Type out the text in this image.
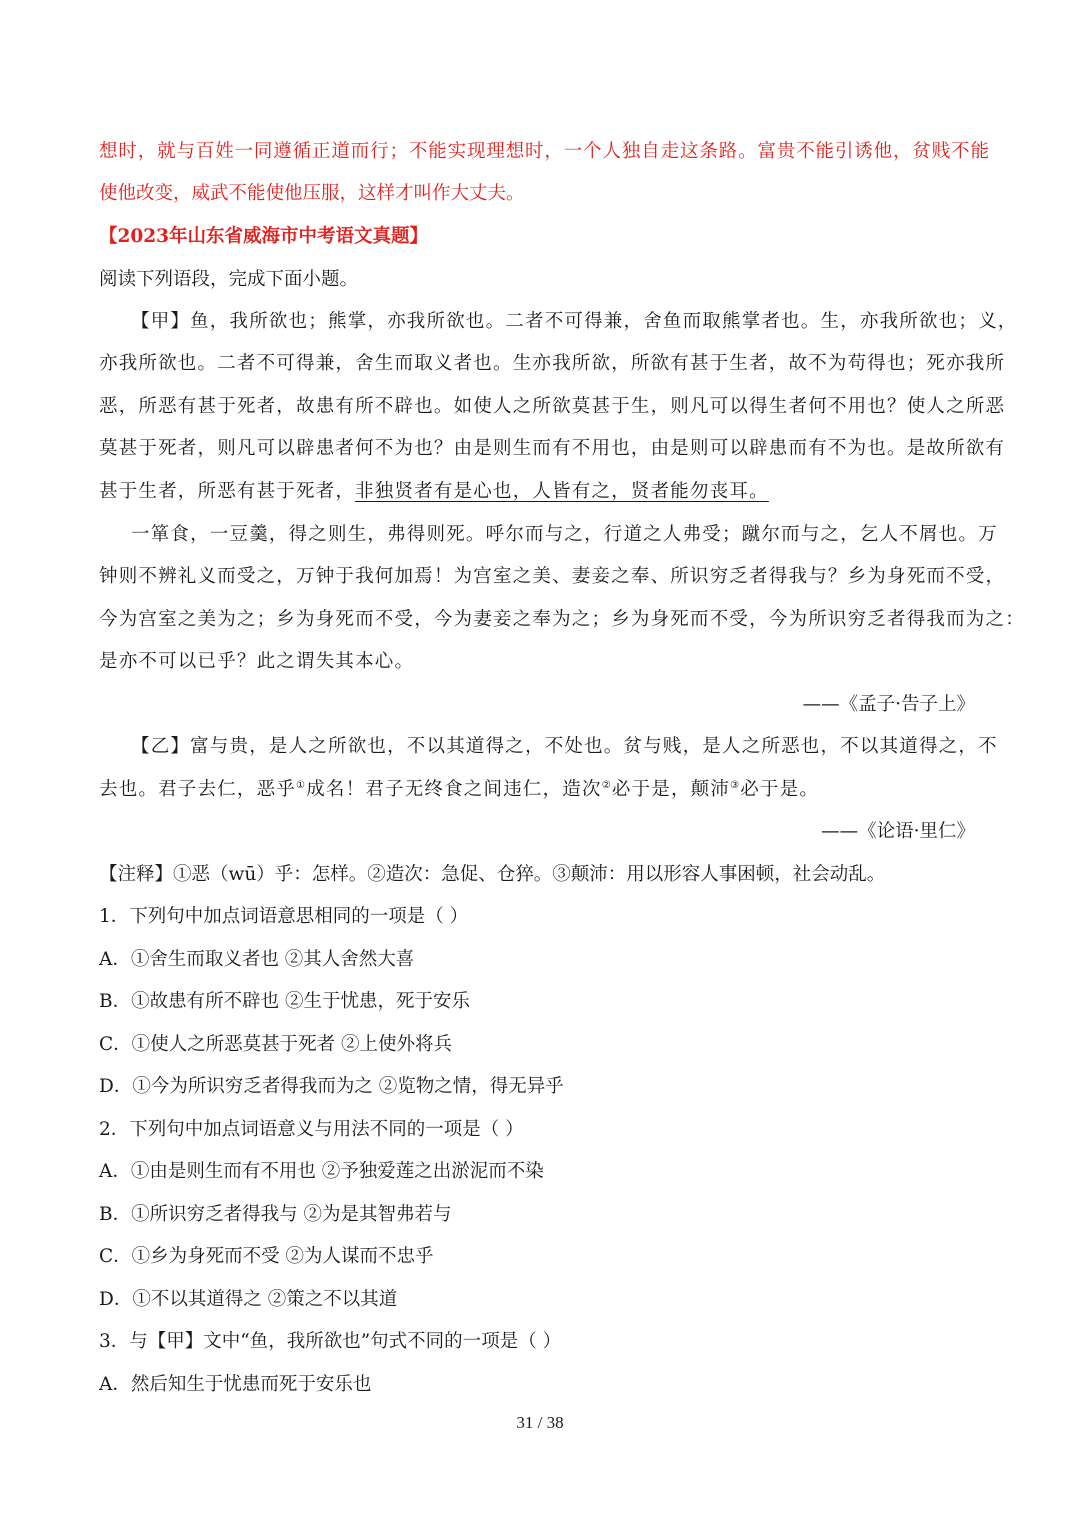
想时，就与百姓一同遵循正道而行；不能实现理想时，一个人独自走这条路。富贵不能引诱他，贫贱不能
使他改变，威武不能使他压服，这样才叫作大丈夫。
【2023年山东省威海市中考语文真题】
阅读下列语段，完成下面小题。
【甲】鱼，我所欲也；熊掌，亦我所欲也。二者不可得兼，舍鱼而取熊掌者也。生，亦我所欲也；义，
亦我所欲也。二者不可得兼，舍生而取义者也。生亦我所欲，所欲有甚于生者，故不为苟得也；死亦我所
恶，所恶有甚于死者，故患有所不辟也。如使人之所欲莫甚于生，则凡可以得生者何不用也？使人之所恶
莫甚于死者，则凡可以辟患者何不为也？由是则生而有不用也，由是则可以辟患而有不为也。是故所欲有
甚于生者，所恶有甚于死者，非独贤者有是心也，人皆有之，贤者能勿丧耳。
一箪食，一豆羹，得之则生，弗得则死。呼尔而与之，行道之人弗受；蹴尔而与之，乞人不屑也。万
钟则不辨礼义而受之，万钟于我何加焉！为宫室之美、妻妾之奉、所识穷乏者得我与？乡为身死而不受，
今为宫室之美为之；乡为身死而不受，今为妻妾之奉为之；乡为身死而不受，今为所识穷乏者得我而为之：
是亦不可以已乎？此之谓失其本心。
——《孟子·告子上》
【乙】富与贵，是人之所欲也，不以其道得之，不处也。贫与贱，是人之所恶也，不以其道得之，不
去也。君子去仁，恶乎①成名！君子无终食之间违仁，造次②必于是，颠沛③必于是。
——《论语·里仁》
【注释】①恶（wū）乎：怎样。②造次：急促、仓猝。③颠沛：用以形容人事困顿，社会动乱。
1．下列句中加点词语意思相同的一项是（ ）
A．①舍生而取义者也 ②其人舍然大喜
B．①故患有所不辟也 ②生于忧患，死于安乐
C．①使人之所恶莫甚于死者 ②上使外将兵
D．①今为所识穷乏者得我而为之 ②览物之情，得无异乎
2．下列句中加点词语意义与用法不同的一项是（ ）
A．①由是则生而有不用也 ②予独爱莲之出淤泥而不染
B．①所识穷乏者得我与 ②为是其智弗若与
C．①乡为身死而不受 ②为人谋而不忠乎
D．①不以其道得之 ②策之不以其道
3．与【甲】文中“鱼，我所欲也”句式不同的一项是（ ）
A．然后知生于忧患而死于安乐也
31 / 38
